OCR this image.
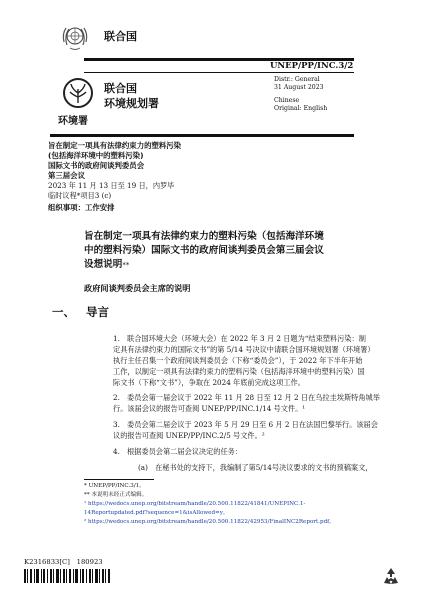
联合国
UNEP/PP/INC.3/2
环境署
联合国
环境规划署
Distr.: General
31 August 2023
Chinese
Original: English
旨在制定一项具有法律约束力的塑料污染
(包括海洋环境中的塑料污染)
国际文书的政府间谈判委员会
第三届会议
2023 年 11 月 13 日至 19 日，内罗毕
临时议程*项目3 (c)
组织事项：工作安排
旨在制定一项具有法律约束力的塑料污染（包括海洋环境
中的塑料污染）国际文书的政府间谈判委员会第三届会议
设想说明**
政府间谈判委员会主席的说明
一、 导言
1.　联合国环境大会（环境大会）在 2022 年 3 月 2 日题为“结束塑料污染：制
定具有法律约束力的国际文书”的第 5/14 号决议中请联合国环境规划署（环境署）
执行主任召集一个政府间谈判委员会（下称“委员会”），于 2022 年下半年开始
工作，以制定一项具有法律约束力的塑料污染（包括海洋环境中的塑料污染）国
际文书（下称“文书”），争取在 2024 年底前完成这项工作。
2.　委员会第一届会议于 2022 年 11 月 28 日至 12 月 2 日在乌拉圭埃斯特角城举
行。该届会议的报告可查阅 UNEP/PP/INC.1/14 号文件。¹
3.　委员会第二届会议于 2023 年 5 月 29 日至 6 月 2 日在法国巴黎举行。该届会
议的报告可查阅 UNEP/PP/INC.2/5 号文件。²
4.　根据委员会第二届会议决定的任务：
(a)　在秘书处的支持下，我编制了第5/14号决议要求的文书的预稿案文，
* UNEP/PP/INC.3/1。
** 本说明未经正式编辑。
¹ https://wedocs.unep.org/bitstream/handle/20.500.11822/41841/UNEPINC.1-
14Reportupdated.pdf?sequence=1&isAllowed=y。
² https://wedocs.unep.org/bitstream/handle/20.500.11822/42953/FinalINC2Report.pdf。
K2316833[C]　180923
